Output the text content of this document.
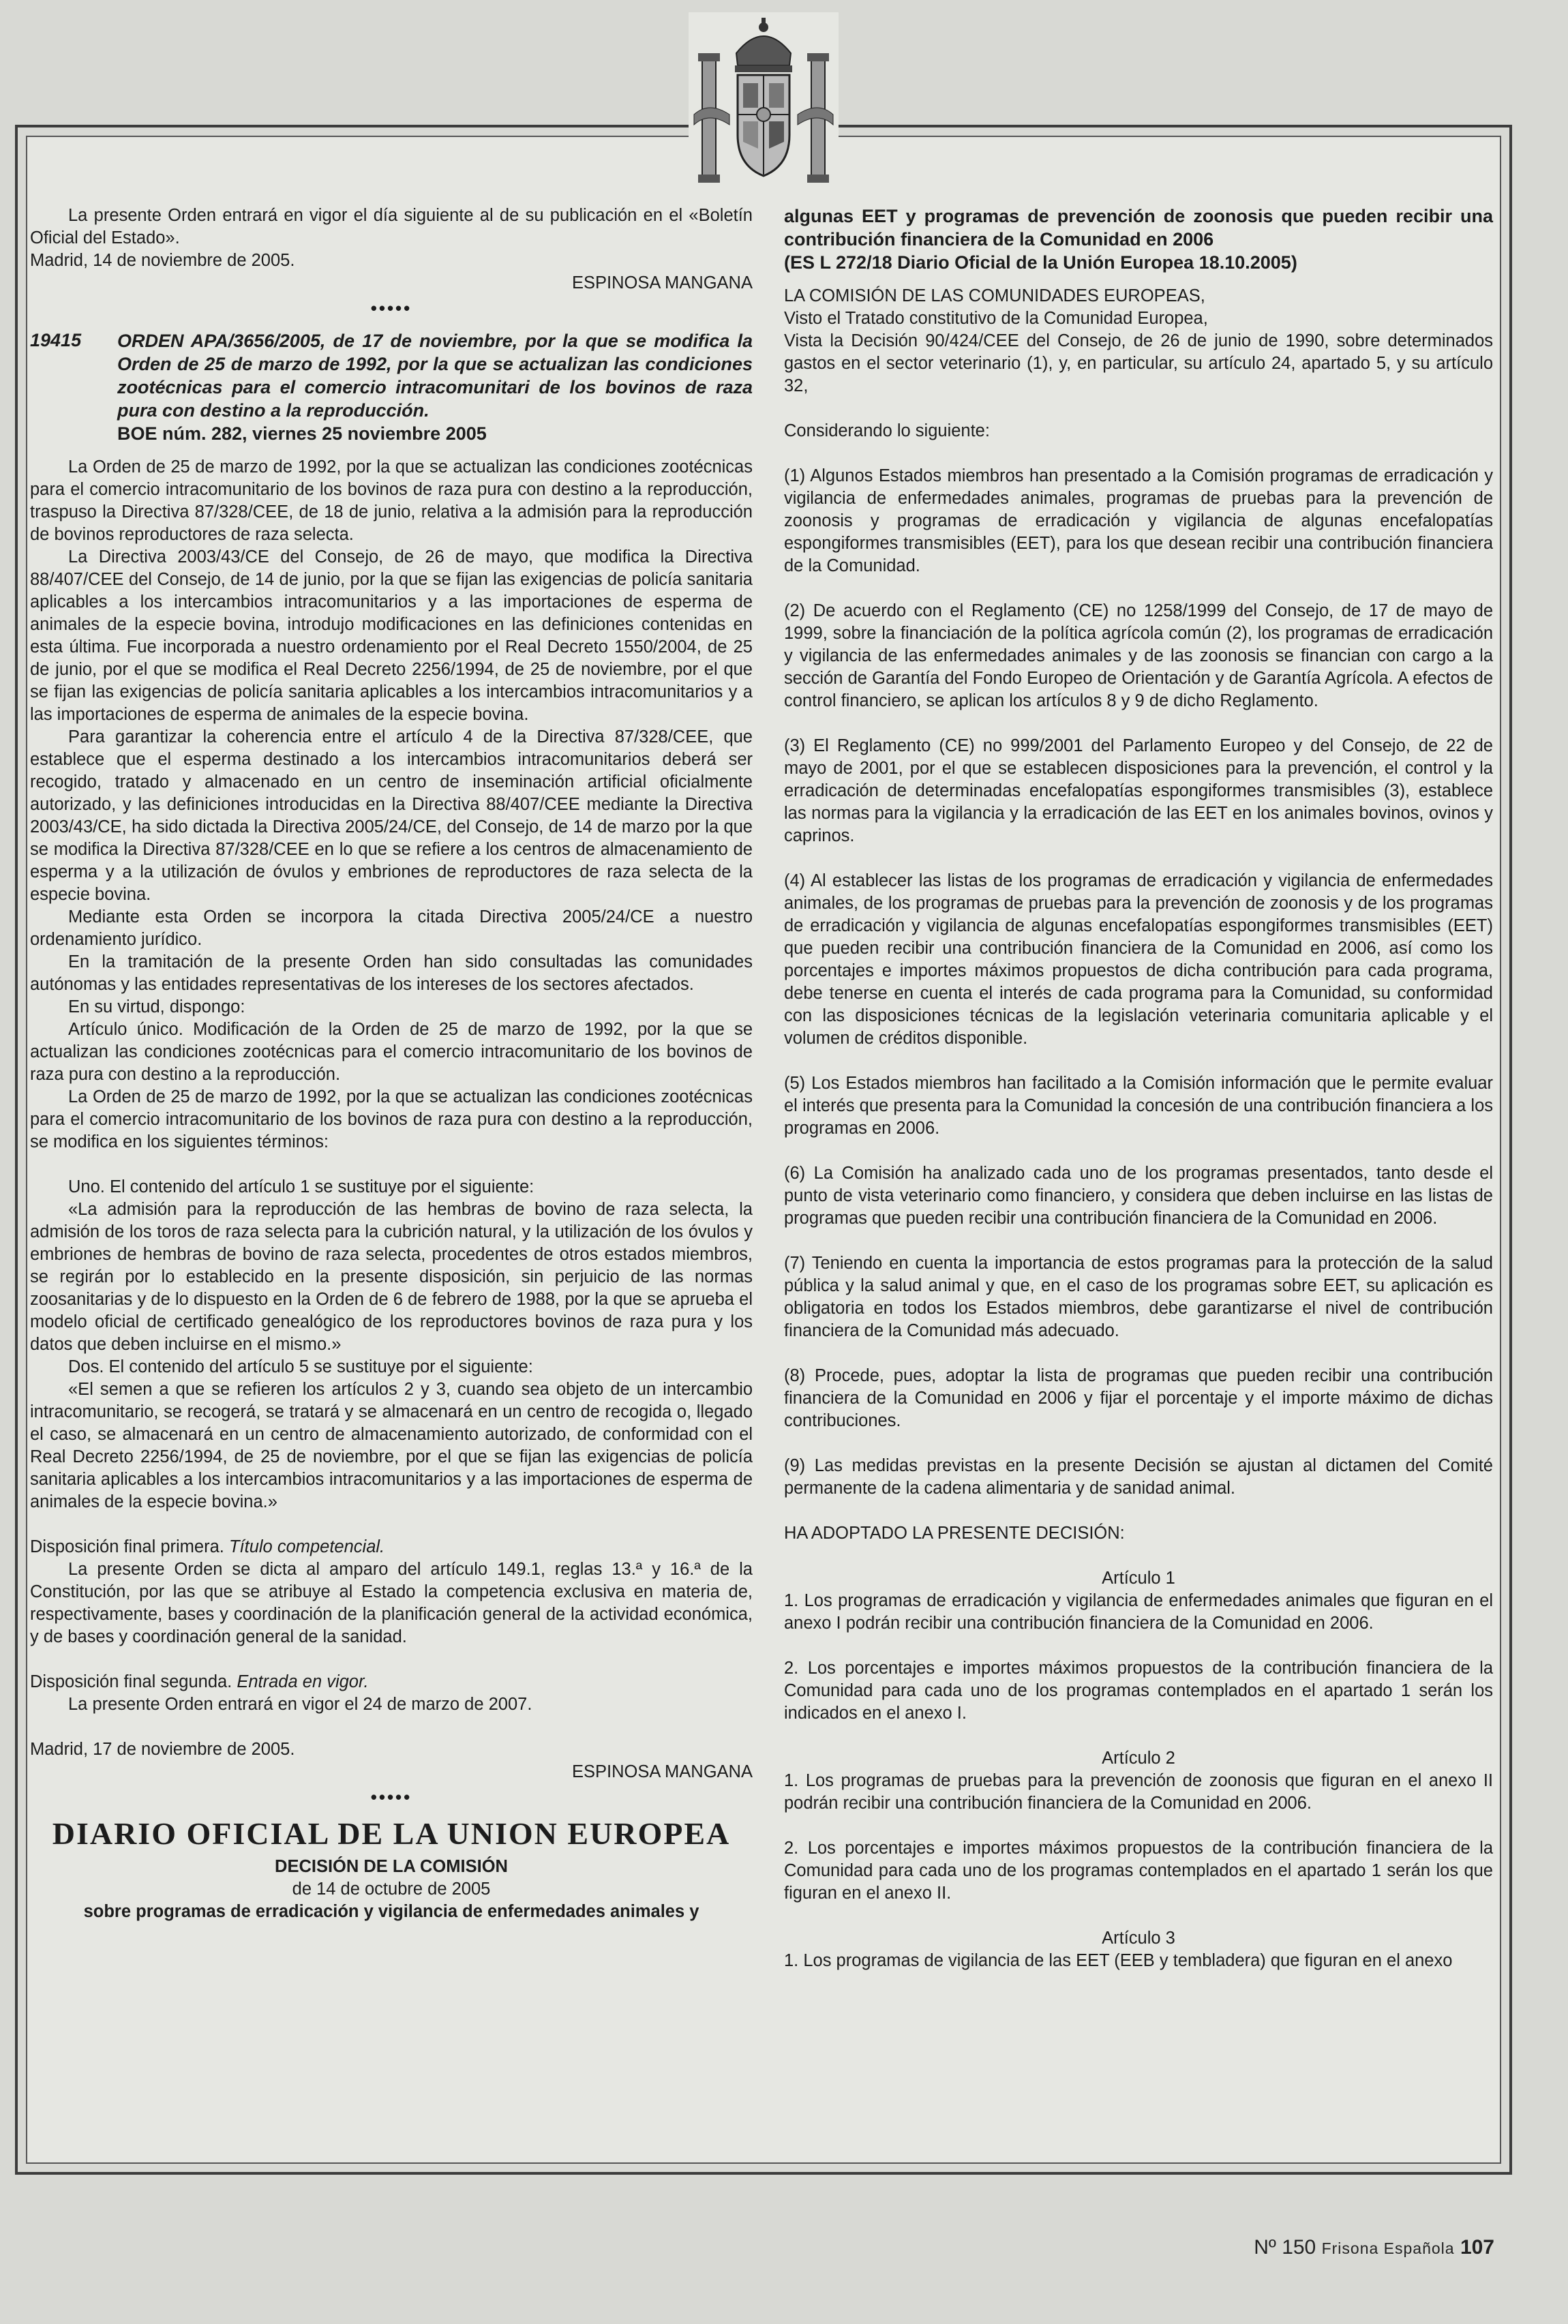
La presente Orden entrará en vigor el día siguiente al de su publicación en el «Boletín Oficial del Estado».

Madrid, 14 de noviembre de 2005.

ESPINOSA MANGANA

•••••
19415	ORDEN APA/3656/2005, de 17 de noviembre, por la que se modifica la Orden de 25 de marzo de 1992, por la que se actualizan las condiciones zootécnicas para el comercio intracomunitari de los bovinos de raza pura con destino a la reproducción.
BOE núm. 282, viernes 25 noviembre 2005

La Orden de 25 de marzo de 1992, por la que se actualizan las condiciones zootécnicas para el comercio intracomunitario de los bovinos de raza pura con destino a la reproducción, traspuso la Directiva 87/328/CEE, de 18 de junio, relativa a la admisión para la reproducción de bovinos reproductores de raza selecta.

La Directiva 2003/43/CE del Consejo, de 26 de mayo, que modifica la Directiva 88/407/CEE del Consejo, de 14 de junio, por la que se fijan las exigencias de policía sanitaria aplicables a los intercambios intracomunitarios y a las importaciones de esperma de animales de la especie bovina, introdujo modificaciones en las definiciones contenidas en esta última. Fue incorporada a nuestro ordenamiento por el Real Decreto 1550/2004, de 25 de junio, por el que se modifica el Real Decreto 2256/1994, de 25 de noviembre, por el que se fijan las exigencias de policía sanitaria aplicables a los intercambios intracomunitarios y a las importaciones de esperma de animales de la especie bovina.

Para garantizar la coherencia entre el artículo 4 de la Directiva 87/328/CEE, que establece que el esperma destinado a los intercambios intracomunitarios deberá ser recogido, tratado y almacenado en un centro de inseminación artificial oficialmente autorizado, y las definiciones introducidas en la Directiva 88/407/CEE mediante la Directiva 2003/43/CE, ha sido dictada la Directiva 2005/24/CE, del Consejo, de 14 de marzo por la que se modifica la Directiva 87/328/CEE en lo que se refiere a los centros de almacenamiento de esperma y a la utilización de óvulos y embriones de reproductores de raza selecta de la especie bovina.

Mediante esta Orden se incorpora la citada Directiva 2005/24/CE a nuestro ordenamiento jurídico.

En la tramitación de la presente Orden han sido consultadas las comunidades autónomas y las entidades representativas de los intereses de los sectores afectados.

En su virtud, dispongo:

Artículo único. Modificación de la Orden de 25 de marzo de 1992, por la que se actualizan las condiciones zootécnicas para el comercio intracomunitario de los bovinos de raza pura con destino a la reproducción.

La Orden de 25 de marzo de 1992, por la que se actualizan las condiciones zootécnicas para el comercio intracomunitario de los bovinos de raza pura con destino a la reproducción, se modifica en los siguientes términos:

Uno. El contenido del artículo 1 se sustituye por el siguiente:

«La admisión para la reproducción de las hembras de bovino de raza selecta, la admisión de los toros de raza selecta para la cubrición natural, y la utilización de los óvulos y embriones de hembras de bovino de raza selecta, procedentes de otros estados miembros, se regirán por lo establecido en la presente disposición, sin perjuicio de las normas zoosanitarias y de lo dispuesto en la Orden de 6 de febrero de 1988, por la que se aprueba el modelo oficial de certificado genealógico de los reproductores bovinos de raza pura y los datos que deben incluirse en el mismo.»

Dos. El contenido del artículo 5 se sustituye por el siguiente:

«El semen a que se refieren los artículos 2 y 3, cuando sea objeto de un intercambio intracomunitario, se recogerá, se tratará y se almacenará en un centro de recogida o, llegado el caso, se almacenará en un centro de almacenamiento autorizado, de conformidad con el Real Decreto 2256/1994, de 25 de noviembre, por el que se fijan las exigencias de policía sanitaria aplicables a los intercambios intracomunitarios y a las importaciones de esperma de animales de la especie bovina.»

Disposición final primera. Título competencial.

La presente Orden se dicta al amparo del artículo 149.1, reglas 13.ª y 16.ª de la Constitución, por las que se atribuye al Estado la competencia exclusiva en materia de, respectivamente, bases y coordinación de la planificación general de la actividad económica, y de bases y coordinación general de la sanidad.

Disposición final segunda. Entrada en vigor.

La presente Orden entrará en vigor el 24 de marzo de 2007.

Madrid, 17 de noviembre de 2005.

ESPINOSA MANGANA

•••••
DIARIO OFICIAL DE LA UNION EUROPEA

DECISIÓN DE LA COMISIÓN

de 14 de octubre de 2005

sobre programas de erradicación y vigilancia de enfermedades animales y

algunas EET y programas de prevención de zoonosis que pueden recibir una contribución financiera de la Comunidad en 2006
(ES L 272/18 Diario Oficial de la Unión Europea 18.10.2005)

LA COMISIÓN DE LAS COMUNIDADES EUROPEAS,

Visto el Tratado constitutivo de la Comunidad Europea,

Vista la Decisión 90/424/CEE del Consejo, de 26 de junio de 1990, sobre determinados gastos en el sector veterinario (1), y, en particular, su artículo 24, apartado 5, y su artículo 32,

Considerando lo siguiente:

(1) Algunos Estados miembros han presentado a la Comisión programas de erradicación y vigilancia de enfermedades animales, programas de pruebas para la prevención de zoonosis y programas de erradicación y vigilancia de algunas encefalopatías espongiformes transmisibles (EET), para los que desean recibir una contribución financiera de la Comunidad.

(2) De acuerdo con el Reglamento (CE) no 1258/1999 del Consejo, de 17 de mayo de 1999, sobre la financiación de la política agrícola común (2), los programas de erradicación y vigilancia de las enfermedades animales y de las zoonosis se financian con cargo a la sección de Garantía del Fondo Europeo de Orientación y de Garantía Agrícola. A efectos de control financiero, se aplican los artículos 8 y 9 de dicho Reglamento.

(3) El Reglamento (CE) no 999/2001 del Parlamento Europeo y del Consejo, de 22 de mayo de 2001, por el que se establecen disposiciones para la prevención, el control y la erradicación de determinadas encefalopatías espongiformes transmisibles (3), establece las normas para la vigilancia y la erradicación de las EET en los animales bovinos, ovinos y caprinos.

(4) Al establecer las listas de los programas de erradicación y vigilancia de enfermedades animales, de los programas de pruebas para la prevención de zoonosis y de los programas de erradicación y vigilancia de algunas encefalopatías espongiformes transmisibles (EET) que pueden recibir una contribución financiera de la Comunidad en 2006, así como los porcentajes e importes máximos propuestos de dicha contribución para cada programa, debe tenerse en cuenta el interés de cada programa para la Comunidad, su conformidad con las disposiciones técnicas de la legislación veterinaria comunitaria aplicable y el volumen de créditos disponible.

(5) Los Estados miembros han facilitado a la Comisión información que le permite evaluar el interés que presenta para la Comunidad la concesión de una contribución financiera a los programas en 2006.

(6) La Comisión ha analizado cada uno de los programas presentados, tanto desde el punto de vista veterinario como financiero, y considera que deben incluirse en las listas de programas que pueden recibir una contribución financiera de la Comunidad en 2006.

(7) Teniendo en cuenta la importancia de estos programas para la protección de la salud pública y la salud animal y que, en el caso de los programas sobre EET, su aplicación es obligatoria en todos los Estados miembros, debe garantizarse el nivel de contribución financiera de la Comunidad más adecuado.

(8) Procede, pues, adoptar la lista de programas que pueden recibir una contribución financiera de la Comunidad en 2006 y fijar el porcentaje y el importe máximo de dichas contribuciones.

(9) Las medidas previstas en la presente Decisión se ajustan al dictamen del Comité permanente de la cadena alimentaria y de sanidad animal.

HA ADOPTADO LA PRESENTE DECISIÓN:

Artículo 1

1. Los programas de erradicación y vigilancia de enfermedades animales que figuran en el anexo I podrán recibir una contribución financiera de la Comunidad en 2006.

2. Los porcentajes e importes máximos propuestos de la contribución financiera de la Comunidad para cada uno de los programas contemplados en el apartado 1 serán los indicados en el anexo I.

Artículo 2

1. Los programas de pruebas para la prevención de zoonosis que figuran en el anexo II podrán recibir una contribución financiera de la Comunidad en 2006.

2. Los porcentajes e importes máximos propuestos de la contribución financiera de la Comunidad para cada uno de los programas contemplados en el apartado 1 serán los que figuran en el anexo II.

Artículo 3

1. Los programas de vigilancia de las EET (EEB y tembladera) que figuran en el anexo

Nº 150 Frisona Española 107
